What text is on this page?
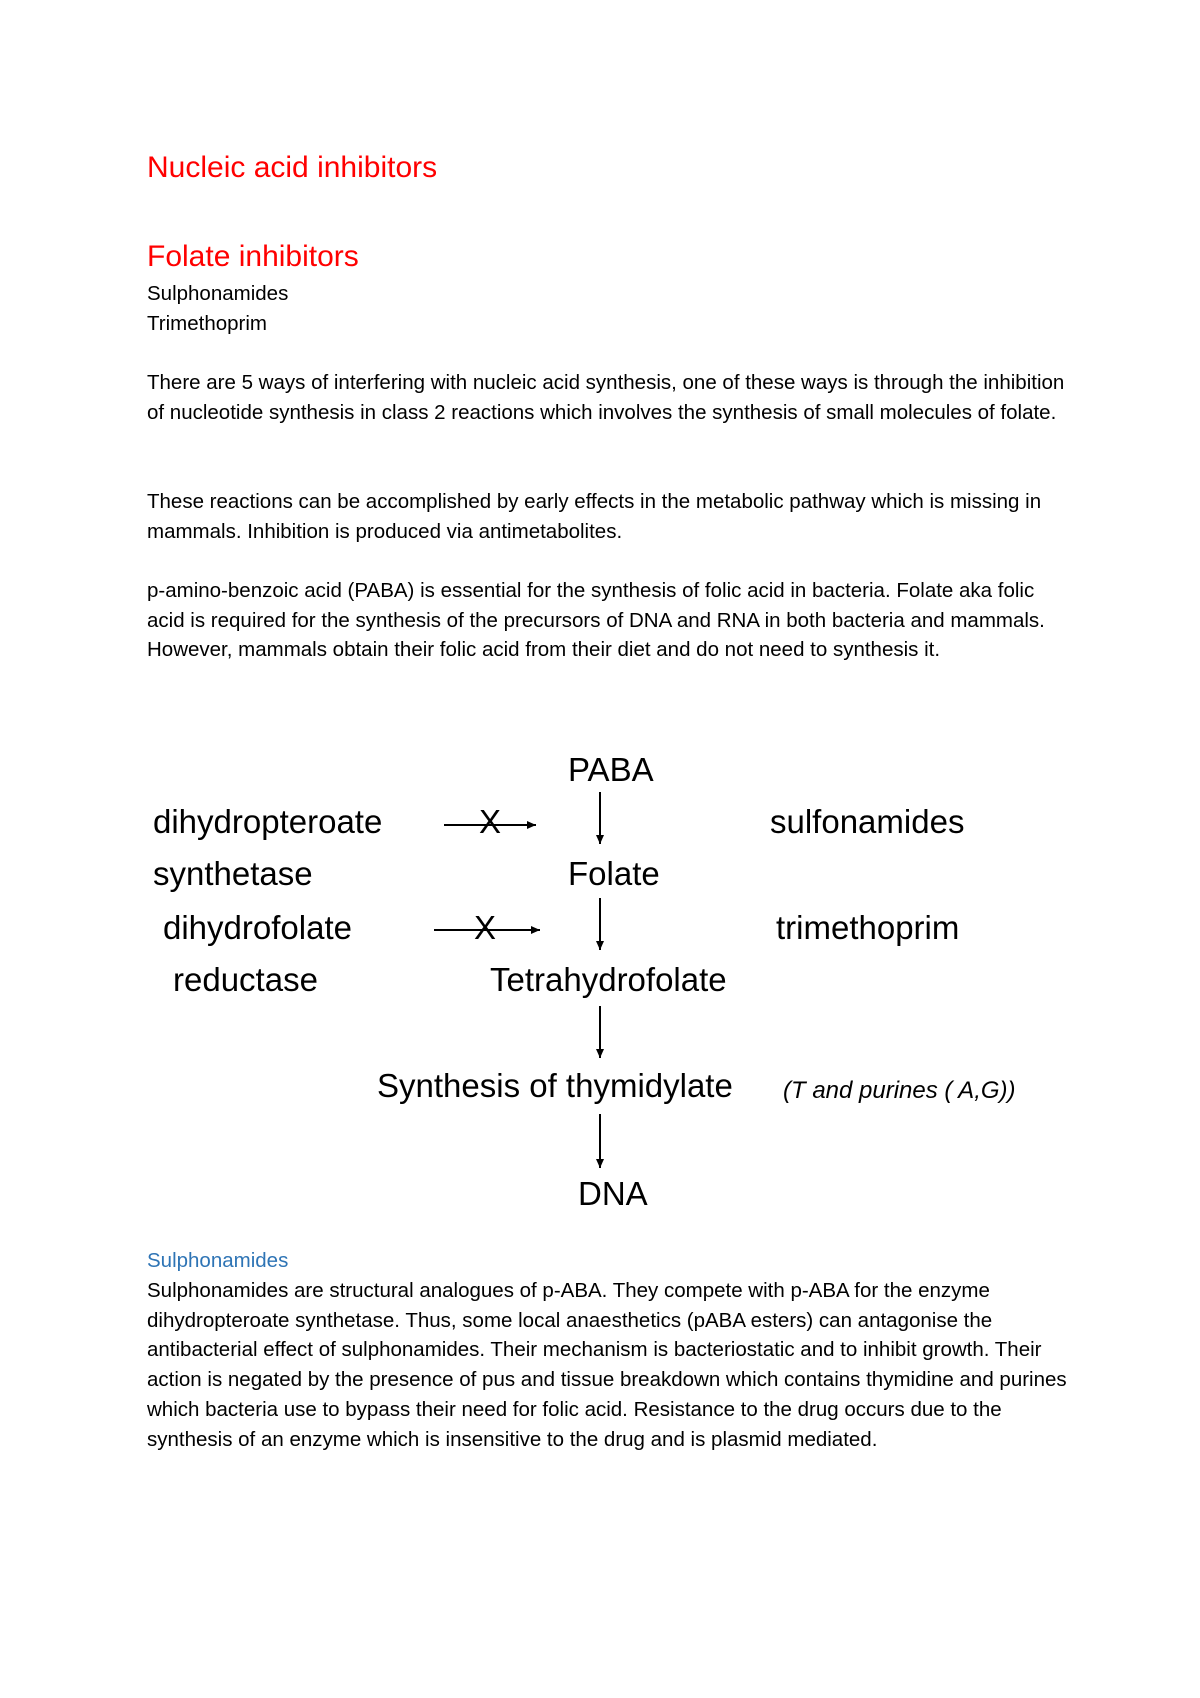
Nucleic acid inhibitors
Folate inhibitors

Sulphonamides

Trimethoprim

There are 5 ways of interfering with nucleic acid synthesis, one of these ways is through the inhibition of nucleotide synthesis in class 2 reactions which involves the synthesis of small molecules of folate.

These reactions can be accomplished by early effects in the metabolic pathway which is missing in mammals. Inhibition is produced via antimetabolites.

p-amino-benzoic acid (PABA) is essential for the synthesis of folic acid in bacteria. Folate aka folic acid is required for the synthesis of the precursors of DNA and RNA in both bacteria and mammals. However, mammals obtain their folic acid from their diet and do not need to synthesis it.

PABA
Folate
Tetrahydrofolate
Synthesis of thymidylate (T and purines ( A,G))
DNA
dihydropteroate
synthetase
dihydrofolate
reductase
X
X
sulfonamides
trimethoprim
Sulphonamides

Sulphonamides are structural analogues of p-ABA. They compete with p-ABA for the enzyme dihydropteroate synthetase. Thus, some local anaesthetics (pABA esters) can antagonise the antibacterial effect of sulphonamides. Their mechanism is bacteriostatic and to inhibit growth. Their action is negated by the presence of pus and tissue breakdown which contains thymidine and purines which bacteria use to bypass their need for folic acid. Resistance to the drug occurs due to the synthesis of an enzyme which is insensitive to the drug and is plasmid mediated.
